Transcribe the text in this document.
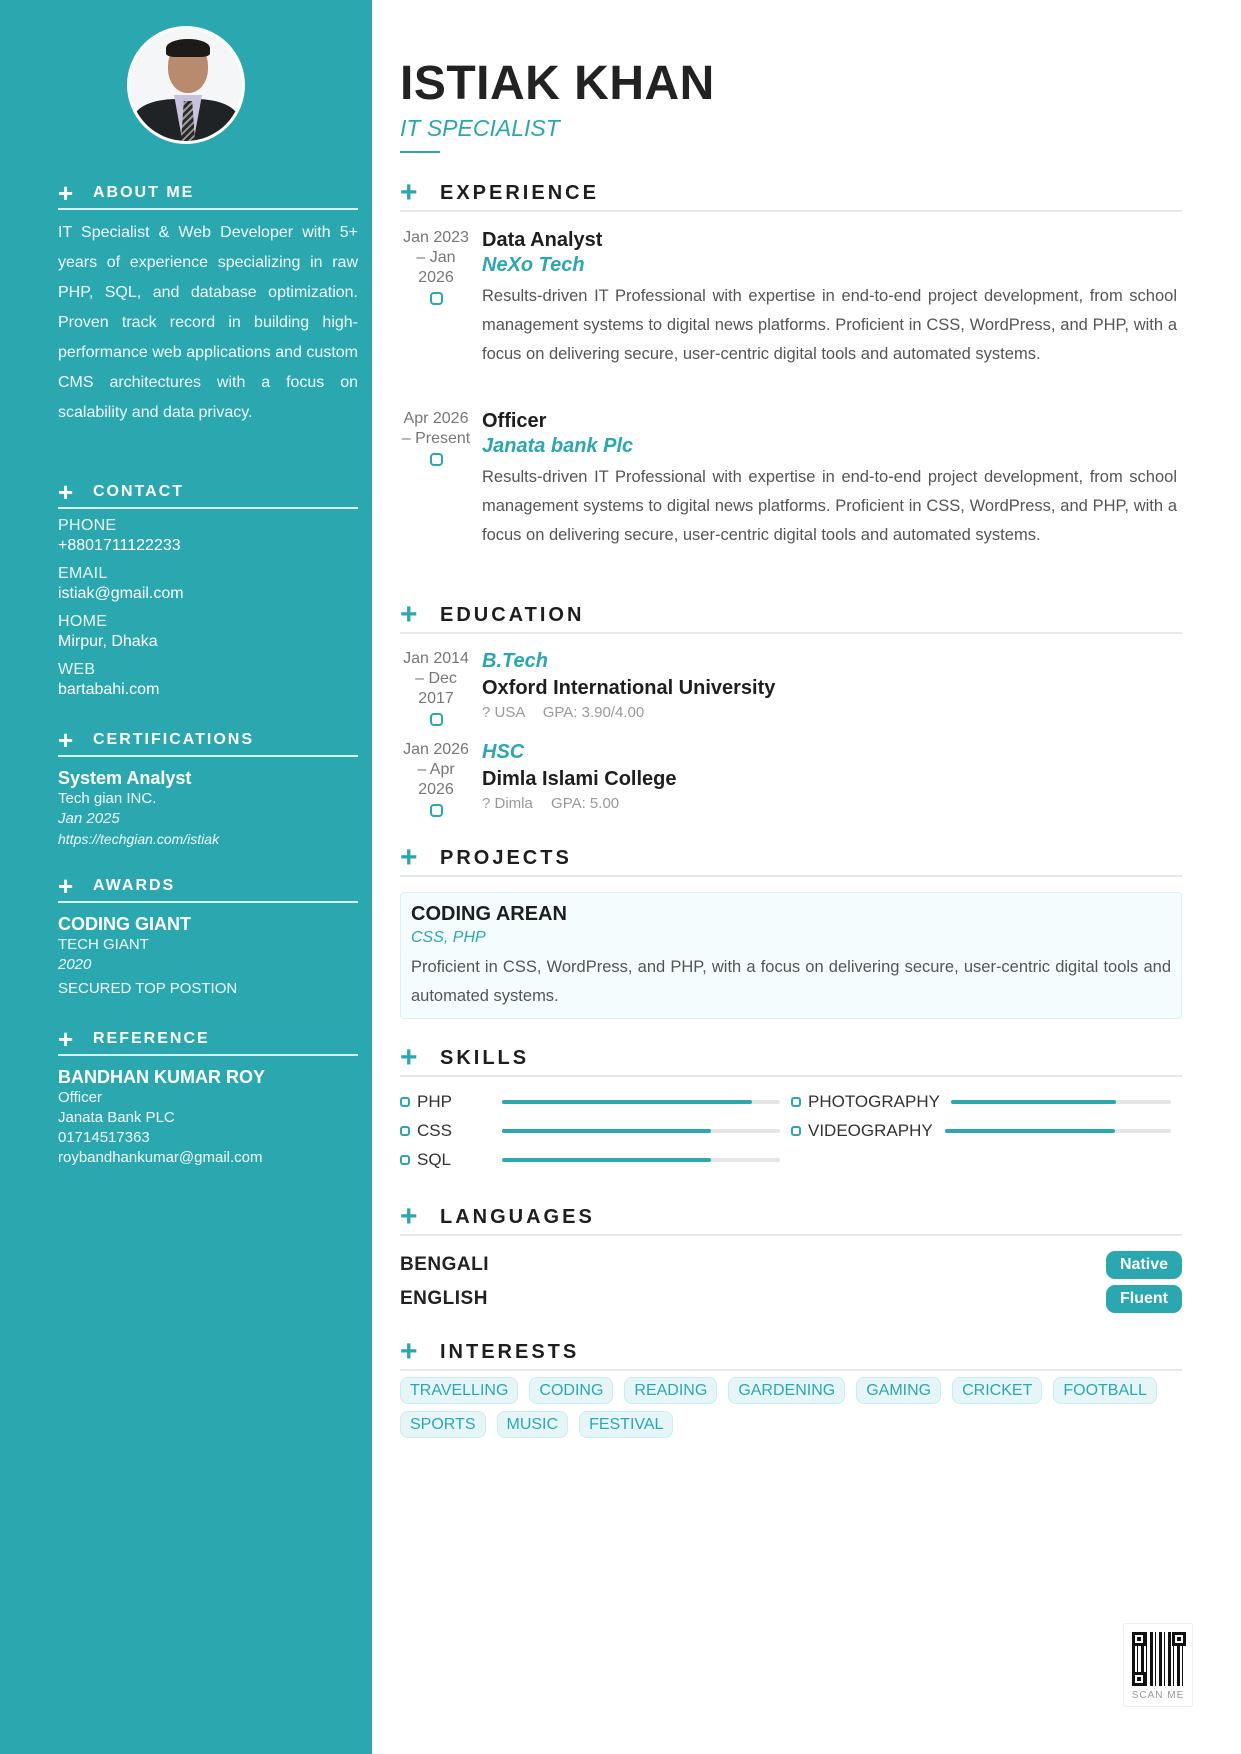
+	ABOUT ME

IT Specialist & Web Developer with 5+ years of experience specializing in raw PHP, SQL, and database optimization. Proven track record in building high-performance web applications and custom CMS architectures with a focus on scalability and data privacy.

+	CONTACT
PHONE
+8801711122233
EMAIL
istiak@gmail.com
HOME
Mirpur, Dhaka
WEB
bartabahi.com
+	CERTIFICATIONS
System Analyst
Tech gian INC.
Jan 2025
https://techgian.com/istiak
+	AWARDS
CODING GIANT
TECH GIANT
2020
SECURED TOP POSTION
+	REFERENCE
BANDHAN KUMAR ROY
Officer
Janata Bank PLC
01714517363
roybandhankumar@gmail.com
ISTIAK KHAN
IT SPECIALIST
+	EXPERIENCE
Jan 2023
– Jan
2026
Data Analyst
NeXo Tech

Results-driven IT Professional with expertise in end-to-end project development, from school management systems to digital news platforms. Proficient in CSS, WordPress, and PHP, with a focus on delivering secure, user-centric digital tools and automated systems.

Apr 2026
– Present
Officer
Janata bank Plc

Results-driven IT Professional with expertise in end-to-end project development, from school management systems to digital news platforms. Proficient in CSS, WordPress, and PHP, with a focus on delivering secure, user-centric digital tools and automated systems.

+	EDUCATION
Jan 2014
– Dec
2017
B.Tech
Oxford International University
? USA GPA: 3.90/4.00
Jan 2026
– Apr
2026
HSC
Dimla Islami College
? Dimla GPA: 5.00
+	PROJECTS
CODING AREAN
CSS, PHP

Proficient in CSS, WordPress, and PHP, with a focus on delivering secure, user-centric digital tools and automated systems.

+	SKILLS
PHP
CSS
SQL
PHOTOGRAPHY
VIDEOGRAPHY
+	LANGUAGES
BENGALI	Native
ENGLISH	Fluent
+	INTERESTS
TRAVELLING	CODING	READING	GARDENING	GAMING	CRICKET	FOOTBALL
SPORTS	MUSIC	FESTIVAL
SCAN ME
